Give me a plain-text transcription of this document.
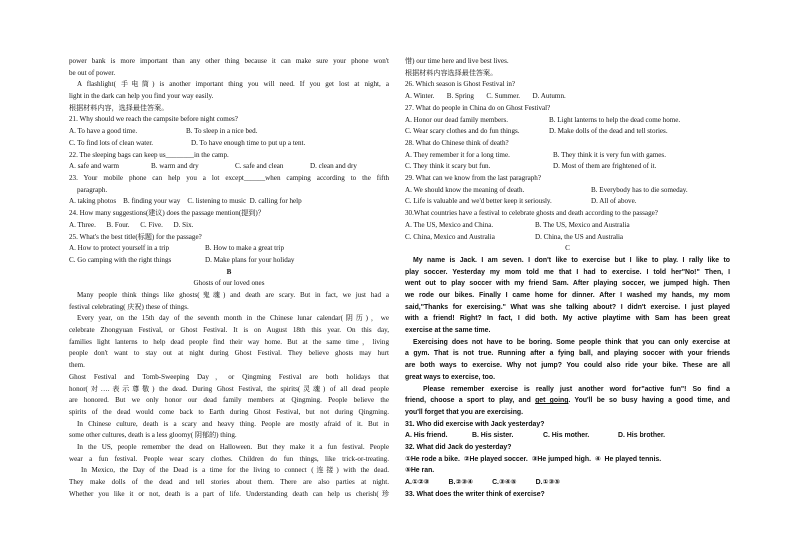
power bank is more important than any other thing because it can make sure your phone won't
be out of power.
A flashlight( 手电筒) is another important thing you will need. If you get lost at night, a
light in the dark can help you find your way easily.
根据材料内容，选择最佳答案。
21. Why should we reach the campsite before night comes?
A. To have a good time.	B. To sleep in a nice bed.
C. To find lots of clean water.	D. To have enough time to put up a tent.
22. The sleeping bags can keep us________in the camp.
A. safe and warm	B. warm and dry	C. safe and clean	D. clean and dry
23. Your mobile phone can help you a lot except______when camping according to the fifth
paragraph.
A. taking photos    B. finding your way    C. listening to music  D. calling for help
24. How many suggestions(建议) does the passage mention(提到)？
A. Three.      B. Four.      C. Five.      D. Six.
25. What's the best title(标题) for the passage?
A. How to protect yourself in a trip	B. How to make a great trip
C. Go camping with the right things	D. Make plans for your holiday
B
Ghosts of our loved ones
Many people think things like ghosts(鬼魂) and death are scary. But in fact, we just had a
festival celebrating( 庆祝) these of things.
Every year, on the 15th day of the seventh month in the Chinese lunar calendar(阴历)，we
celebrate Zhongyuan Festival, or Ghost Festival. It is on August 18th this year. On this day,
families light lanterns to help dead people find their way home. But at the same time，living
people don't want to stay out at night during Ghost Festival. They believe ghosts may hurt
them.
Ghost Festival and Tomb-Sweeping Day，or Qingming Festival are both holidays that
honor(对….表示尊敬) the dead. During Ghost Festival, the spirits(灵魂) of all dead people
are honored. But we only honor our dead family members at Qingming. People believe the
spirits of the dead would come back to Earth during Ghost Festival, but not during Qingming.
In Chinese culture, death is a scary and heavy thing. People are mostly afraid of it. But in
some other cultures, death is a less gloomy( 阴郁的) thing.
In the US, people remember the dead on Halloween. But they make it a fun festival. People
wear a fun festival. People wear scary clothes. Children do fun things, like trick-or-treating.
In Mexico, the Day of the Dead is a time for the living to connect (连接) with the dead.
They make dolls of the dead and tell stories about them. There are also parties at night.
Whether you like it or not, death is a part of life. Understanding death can help us cherish(珍
惜) our time here and live best lives.
根据材料内容选择最佳答案。
26. Which season is Ghost Festival in?
A. Winter.       B. Spring       C. Summer.       D. Autumn.
27. What do people in China do on Ghost Festival?
A. Honor our dead family members.	B. Light lanterns to help the dead come home.
C. Wear scary clothes and do fun things.	D. Make dolls of the dead and tell stories.
28. What do Chinese think of death?
A. They remember it for a long time.	B. They think it is very fun with games.
C. They think it scary but fun.	D. Most of them are frightened of it.
29. What can we know from the last paragraph?
A. We should know the meaning of death.	B. Everybody has to die someday.
C. Life is valuable and we'd better keep it seriously.	D. All of above.
30.What countries have a festival to celebrate ghosts and death according to the passage?
A. The US, Mexico and China.	B. The US, Mexico and Australia
C. China, Mexico and Australia	D. China, the US and Australia
C
My name is Jack. I am seven. I don't like to exercise but I like to play. I rally like to
play soccer. Yesterday my mom told me that I had to exercise. I told her"No!" Then, I
went out to play soccer with my friend Sam. After playing soccer, we jumped high. Then
we rode our bikes. Finally I came home for dinner. After I washed my hands, my mom
said,"Thanks for exercising." What was she talking about? I didn't exercise. I just played
with a friend! Right? In fact, I did both. My active playtime with Sam has been great
exercise at the same time.
Exercising does not have to be boring. Some people think that you can only exercise at
a gym. That is not true. Running after a fying ball, and playing soccer with your friends
are both ways to exercise. Why not jump? You could also ride your bike. These are all
great ways to exercise, too.
Please remember exercise is really just another word for"active fun"! So find a
friend, choose a sport to play, and get going. You'll be so busy having a good time, and
you'll forget that you are exercising.
31. Who did exercise with Jack yesterday?
A. His friend.	B. His sister.	C. His mother.	D. His brother.
32. What did Jack do yesterday?
①He rode a bike.  ②He played soccer.  ③He jumped high.  ④  He played tennis.
⑤He ran.
A.①②③          B.②③④          C.③④⑤          D.①③⑤
33. What does the writer think of exercise?
